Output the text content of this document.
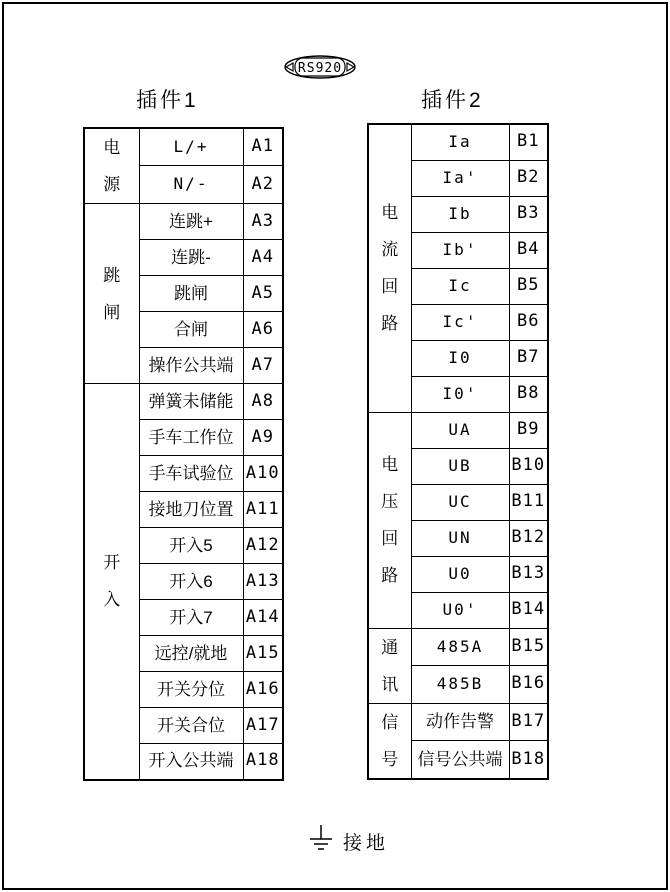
RS920
插件1	插件2
电源	L/+	A1
	N/-	A2
跳闸	连跳+	A3
	连跳-	A4
	跳闸	A5
	合闸	A6
	操作公共端	A7
开入	弹簧未储能	A8
	手车工作位	A9
	手车试验位	A10
	接地刀位置	A11
	开入5	A12
	开入6	A13
	开入7	A14
	远控/就地	A15
	开关分位	A16
	开关合位	A17
	开入公共端	A18
电流回路	Ia	B1
	Ia'	B2
	Ib	B3
	Ib'	B4
	Ic	B5
	Ic'	B6
	I0	B7
	I0'	B8
电压回路	UA	B9
	UB	B10
	UC	B11
	UN	B12
	U0	B13
	U0'	B14
通讯	485A	B15
	485B	B16
信号	动作告警	B17
	信号公共端	B18
接地
